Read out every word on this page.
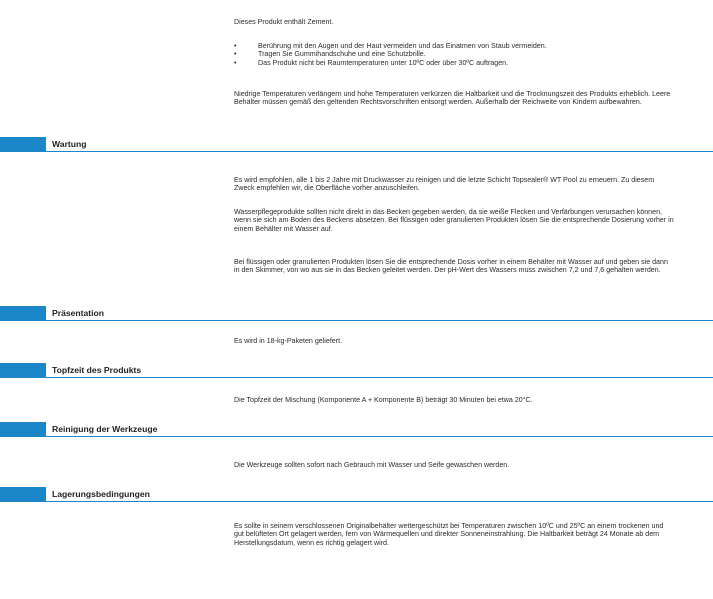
Dieses Produkt enthält Zement.

• Berührung mit den Augen und der Haut vermeiden und das Einatmen von Staub vermeiden.
• Tragen Sie Gummihandschuhe und eine Schutzbrille.
• Das Produkt nicht bei Raumtemperaturen unter 10ºC oder über 30ºC auftragen.

Niedrige Temperaturen verlängern und hohe Temperaturen verkürzen die Haltbarkeit und die Trocknungszeit des Produkts erheblich. Leere Behälter müssen gemäß den geltenden Rechtsvorschriften entsorgt werden. Außerhalb der Reichweite von Kindern aufbewahren.

Wartung

Es wird empfohlen, alle 1 bis 2 Jahre mit Druckwasser zu reinigen und die letzte Schicht Topsealer® WT Pool zu erneuern. Zu diesem Zweck empfehlen wir, die Oberfläche vorher anzuschleifen.

Wasserpflegeprodukte sollten nicht direkt in das Becken gegeben werden, da sie weiße Flecken und Verfärbungen verursachen können, wenn sie sich am Boden des Beckens absetzen. Bei flüssigen oder granulierten Produkten lösen Sie die entsprechende Dosierung vorher in einem Behälter mit Wasser auf.

Bei flüssigen oder granulierten Produkten lösen Sie die entsprechende Dosis vorher in einem Behälter mit Wasser auf und geben sie dann in den Skimmer, von wo aus sie in das Becken geleitet werden. Der pH-Wert des Wassers muss zwischen 7,2 und 7,6 gehalten werden.

Präsentation

Es wird in 18-kg-Paketen geliefert.

Topfzeit des Produkts

Die Topfzeit der Mischung (Komponente A + Komponente B) beträgt 30 Minuten bei etwa 20°C.

Reinigung der Werkzeuge

Die Werkzeuge sollten sofort nach Gebrauch mit Wasser und Seife gewaschen werden.

Lagerungsbedingungen

Es sollte in seinem verschlossenen Originalbehälter wettergeschützt bei Temperaturen zwischen 10ºC und 25ºC an einem trockenen und gut belüfteten Ort gelagert werden, fern von Wärmequellen und direkter Sonneneinstrahlung. Die Haltbarkeit beträgt 24 Monate ab dem Herstellungsdatum, wenn es richtig gelagert wird.
